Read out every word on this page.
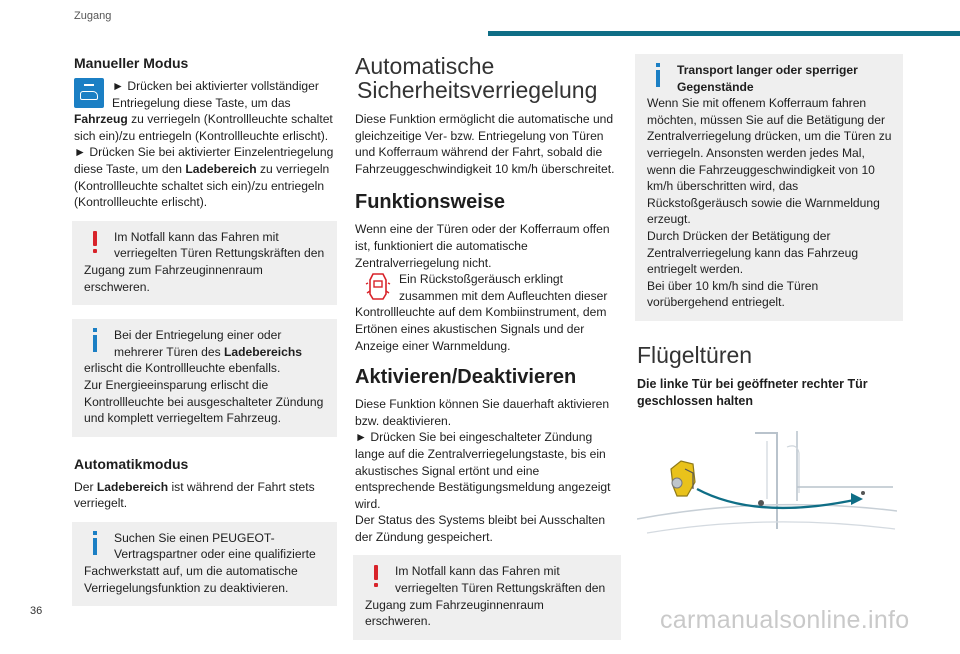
Zugang
Manueller Modus
► Drücken bei aktivierter vollständiger Entriegelung diese Taste, um das Fahrzeug zu verriegeln (Kontrollleuchte schaltet sich ein)/zu entriegeln (Kontrollleuchte erlischt).
► Drücken Sie bei aktivierter Einzelentriegelung diese Taste, um den Ladebereich zu verriegeln (Kontrollleuchte schaltet sich ein)/zu entriegeln (Kontrollleuchte erlischt).

Im Notfall kann das Fahren mit verriegelten Türen Rettungskräften den Zugang zum Fahrzeuginnenraum erschweren.

Bei der Entriegelung einer oder mehrerer Türen des Ladebereichs erlischt die Kontrollleuchte ebenfalls.

Zur Energieeinsparung erlischt die Kontrollleuchte bei ausgeschalteter Zündung und komplett verriegeltem Fahrzeug.

Automatikmodus

Der Ladebereich ist während der Fahrt stets verriegelt.

Suchen Sie einen PEUGEOT-Vertragspartner oder eine qualifizierte Fachwerkstatt auf, um die automatische Verriegelungsfunktion zu deaktivieren.

Automatische
Sicherheitsverriegelung

Diese Funktion ermöglicht die automatische und gleichzeitige Ver- bzw. Entriegelung von Türen und Kofferraum während der Fahrt, sobald die Fahrzeuggeschwindigkeit 10 km/h überschreitet.

Funktionsweise

Wenn eine der Türen oder der Kofferraum offen ist, funktioniert die automatische Zentralverriegelung nicht.

Ein Rückstoßgeräusch erklingt zusammen mit dem Aufleuchten dieser Kontrollleuchte auf dem Kombiinstrument, dem Ertönen eines akustischen Signals und der Anzeige einer Warnmeldung.

Aktivieren/Deaktivieren

Diese Funktion können Sie dauerhaft aktivieren bzw. deaktivieren.

► Drücken Sie bei eingeschalteter Zündung lange auf die Zentralverriegelungstaste, bis ein akustisches Signal ertönt und eine entsprechende Bestätigungsmeldung angezeigt wird.

Der Status des Systems bleibt bei Ausschalten der Zündung gespeichert.

Im Notfall kann das Fahren mit verriegelten Türen Rettungskräften den Zugang zum Fahrzeuginnenraum erschweren.

Transport langer oder sperriger Gegenstände

Wenn Sie mit offenem Kofferraum fahren möchten, müssen Sie auf die Betätigung der Zentralverriegelung drücken, um die Türen zu verriegeln. Ansonsten werden jedes Mal, wenn die Fahrzeuggeschwindigkeit von 10 km/h überschritten wird, das Rückstoßgeräusch sowie die Warnmeldung erzeugt.

Durch Drücken der Betätigung der Zentralverriegelung kann das Fahrzeug entriegelt werden.

Bei über 10 km/h sind die Türen vorübergehend entriegelt.

Flügeltüren
Die linke Tür bei geöffneter rechter Tür geschlossen halten
36	carmanualsonline.info
